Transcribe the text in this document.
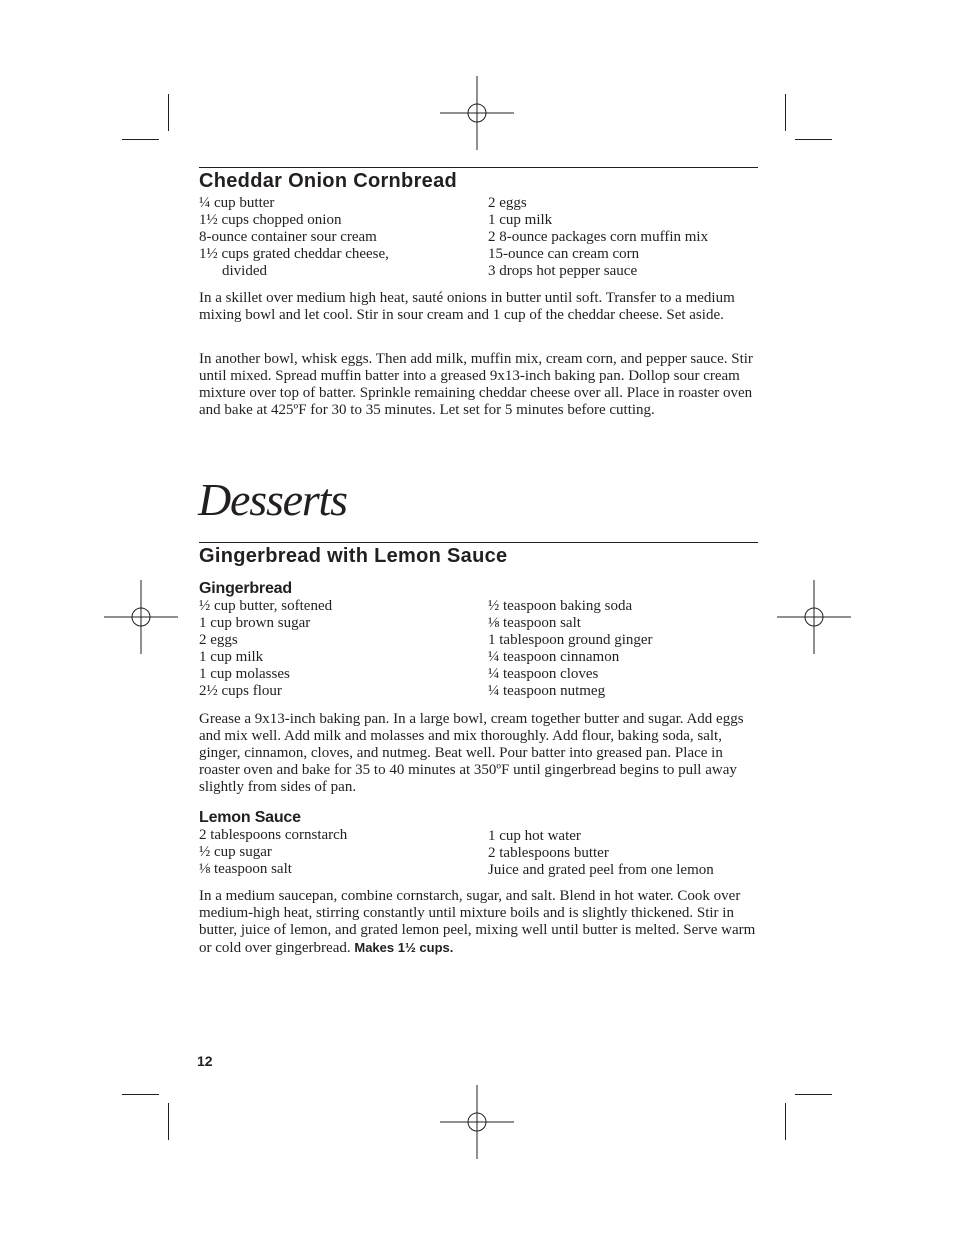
Cheddar Onion Cornbread
¼ cup butter
1½ cups chopped onion
8-ounce container sour cream
1½ cups grated cheddar cheese,
divided
2 eggs
1 cup milk
2 8-ounce packages corn muffin mix
15-ounce can cream corn
3 drops hot pepper sauce

In a skillet over medium high heat, sauté onions in butter until soft. Transfer to a medium mixing bowl and let cool. Stir in sour cream and 1 cup of the cheddar cheese. Set aside.

In another bowl, whisk eggs. Then add milk, muffin mix, cream corn, and pepper sauce. Stir until mixed. Spread muffin batter into a greased 9x13-inch baking pan. Dollop sour cream mixture over top of batter. Sprinkle remaining cheddar cheese over all. Place in roaster oven and bake at 425ºF for 30 to 35 minutes. Let set for 5 minutes before cutting.

Desserts
Gingerbread with Lemon Sauce
Gingerbread
½ cup butter, softened
1 cup brown sugar
2 eggs
1 cup milk
1 cup molasses
2½ cups flour
½ teaspoon baking soda
⅛ teaspoon salt
1 tablespoon ground ginger
¼ teaspoon cinnamon
¼ teaspoon cloves
¼ teaspoon nutmeg

Grease a 9x13-inch baking pan. In a large bowl, cream together butter and sugar. Add eggs and mix well. Add milk and molasses and mix thoroughly. Add flour, baking soda, salt, ginger, cinnamon, cloves, and nutmeg. Beat well. Pour batter into greased pan. Place in roaster oven and bake for 35 to 40 minutes at 350ºF until gingerbread begins to pull away slightly from sides of pan.

Lemon Sauce
2 tablespoons cornstarch
½ cup sugar
⅛ teaspoon salt
1 cup hot water
2 tablespoons butter
Juice and grated peel from one lemon

In a medium saucepan, combine cornstarch, sugar, and salt. Blend in hot water. Cook over medium-high heat, stirring constantly until mixture boils and is slightly thickened. Stir in butter, juice of lemon, and grated lemon peel, mixing well until butter is melted. Serve warm or cold over gingerbread. Makes 1½ cups.

12
